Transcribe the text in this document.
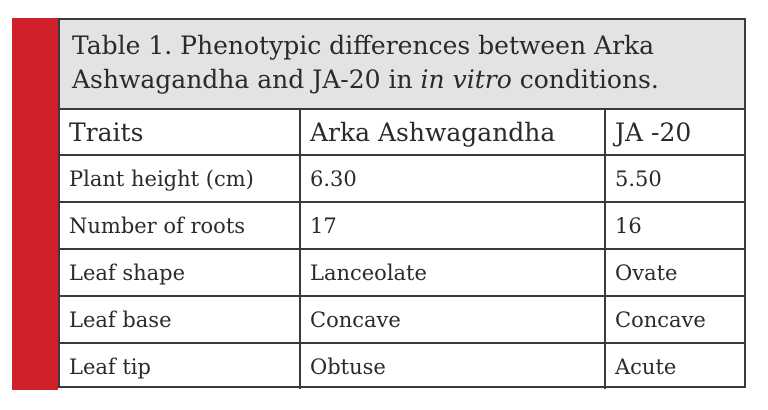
Table 1. Phenotypic differences between Arka Ashwagandha and JA-20 in in vitro conditions.
Traits	Arka Ashwagandha	JA -20
Plant height (cm)	6.30	5.50
Number of roots	17	16
Leaf shape	Lanceolate	Ovate
Leaf base	Concave	Concave
Leaf tip	Obtuse	Acute
